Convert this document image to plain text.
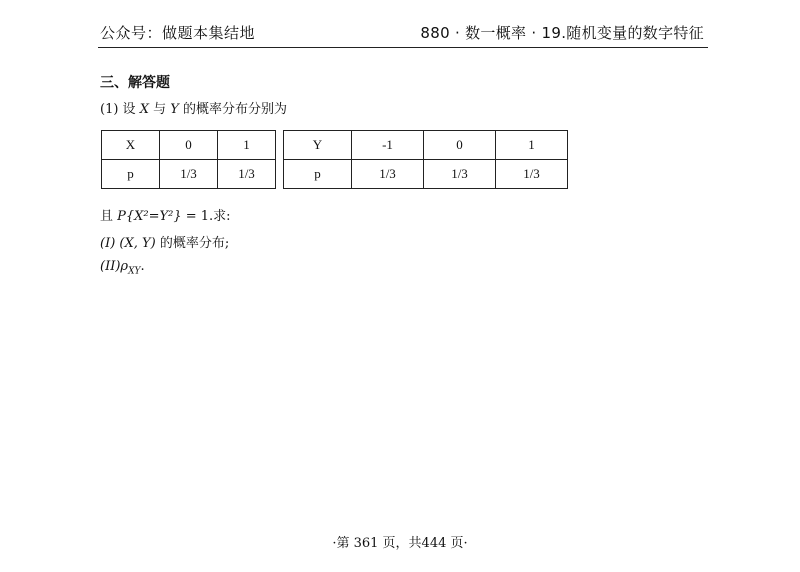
公众号：做题本集结地	880 · 数一概率 · 19.随机变量的数字特征
三、解答题
(1) 设 X 与 Y 的概率分布分别为
X	0	1
p	1/3	1/3
Y	-1	0	1
p	1/3	1/3	1/3
且 P{X²=Y²} = 1.求:
(I) (X, Y) 的概率分布;
$(II)\rho_{XY}$.
·第 361 页，共444 页·
